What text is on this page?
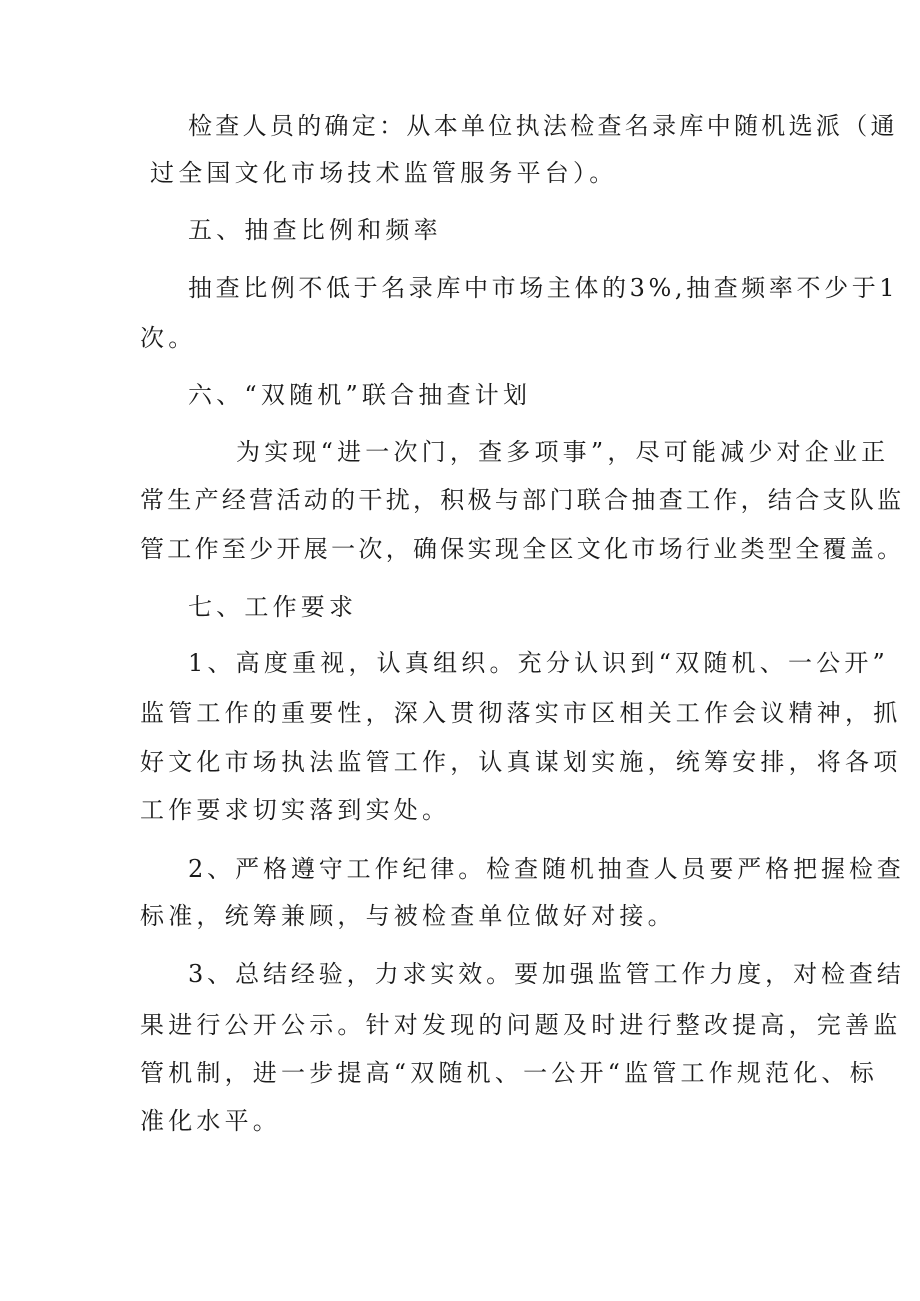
检查人员的确定：从本单位执法检查名录库中随机选派（通
过全国文化市场技术监管服务平台）。
五、抽查比例和频率
抽查比例不低于名录库中市场主体的3%,抽查频率不少于1
次。
六、“双随机”联合抽查计划
为实现“进一次门，查多项事”，尽可能减少对企业正
常生产经营活动的干扰，积极与部门联合抽查工作，结合支队监
管工作至少开展一次，确保实现全区文化市场行业类型全覆盖。
七、工作要求
1、高度重视，认真组织。充分认识到“双随机、一公开”
监管工作的重要性，深入贯彻落实市区相关工作会议精神，抓
好文化市场执法监管工作，认真谋划实施，统筹安排，将各项
工作要求切实落到实处。
2、严格遵守工作纪律。检查随机抽查人员要严格把握检查
标准，统筹兼顾，与被检查单位做好对接。
3、总结经验，力求实效。要加强监管工作力度，对检查结
果进行公开公示。针对发现的问题及时进行整改提高，完善监
管机制，进一步提高“双随机、一公开“监管工作规范化、标
准化水平。
